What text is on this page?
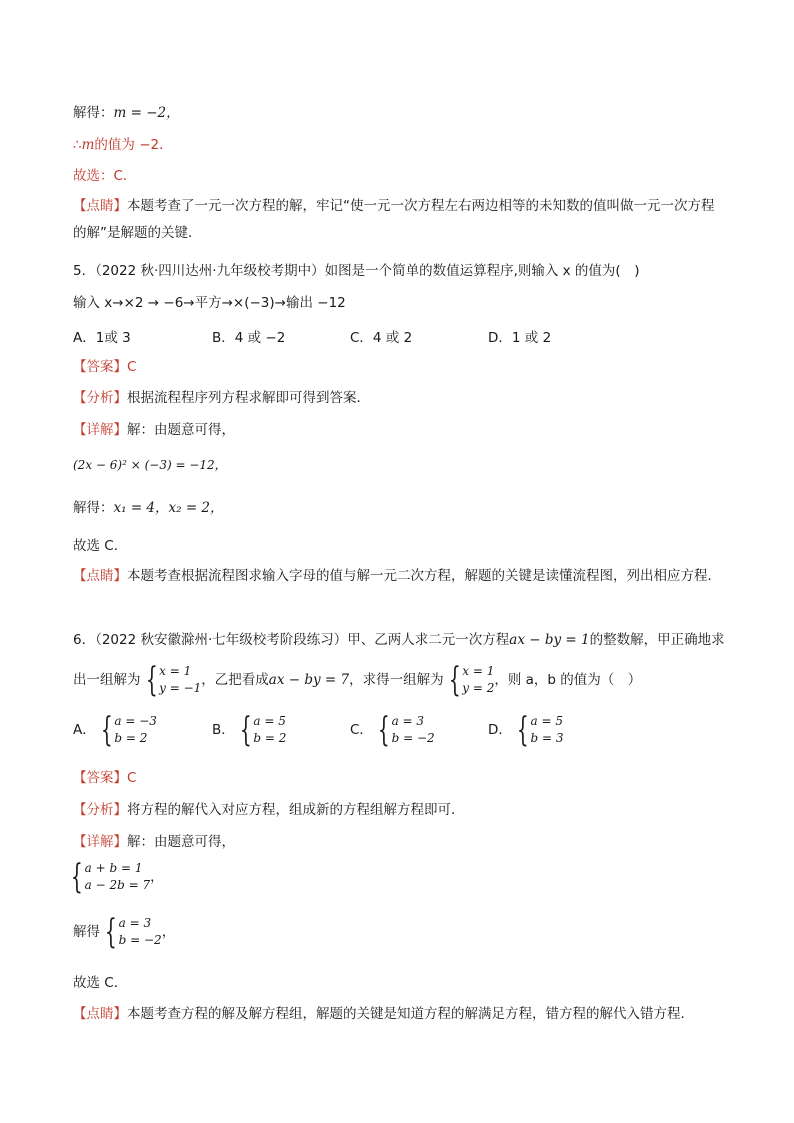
解得：m = −2，
∴m的值为 −2．
故选：C．
【点睛】本题考查了一元一次方程的解，牢记“使一元一次方程左右两边相等的未知数的值叫做一元一次方程的解”是解题的关键．
5．（2022 秋·四川达州·九年级校考期中）如图是一个简单的数值运算程序,则输入 x 的值为(　)
输入 x→×2 → −6→平方→×(−3)→输出 −12
A．1或 3	B．4 或 −2	C．4 或 2	D．1 或 2
【答案】C
【分析】根据流程程序列方程求解即可得到答案．
【详解】解：由题意可得，
(2x − 6)² × (−3) = −12，
解得：x₁ = 4，x₂ = 2，
故选 C．
【点睛】本题考查根据流程图求输入字母的值与解一元二次方程，解题的关键是读懂流程图，列出相应方程．
6．（2022 秋安徽滁州·七年级校考阶段练习）甲、乙两人求二元一次方程ax − by = 1的整数解，甲正确地求
出一组解为 { x = 1
y = −1 ，乙把看成ax − by = 7，求得一组解为 { x = 1
y = 2 ，则 a，b 的值为（　）
A． { a = −3
b = 2	B． { a = 5
b = 2	C． { a = 3
b = −2	D． { a = 5
b = 3
【答案】C
【分析】将方程的解代入对应方程，组成新的方程组解方程即可．
【详解】解：由题意可得，
{ a + b = 1
a − 2b = 7 ，
解得 { a = 3
b = −2 ，
故选 C．
【点睛】本题考查方程的解及解方程组，解题的关键是知道方程的解满足方程，错方程的解代入错方程．
